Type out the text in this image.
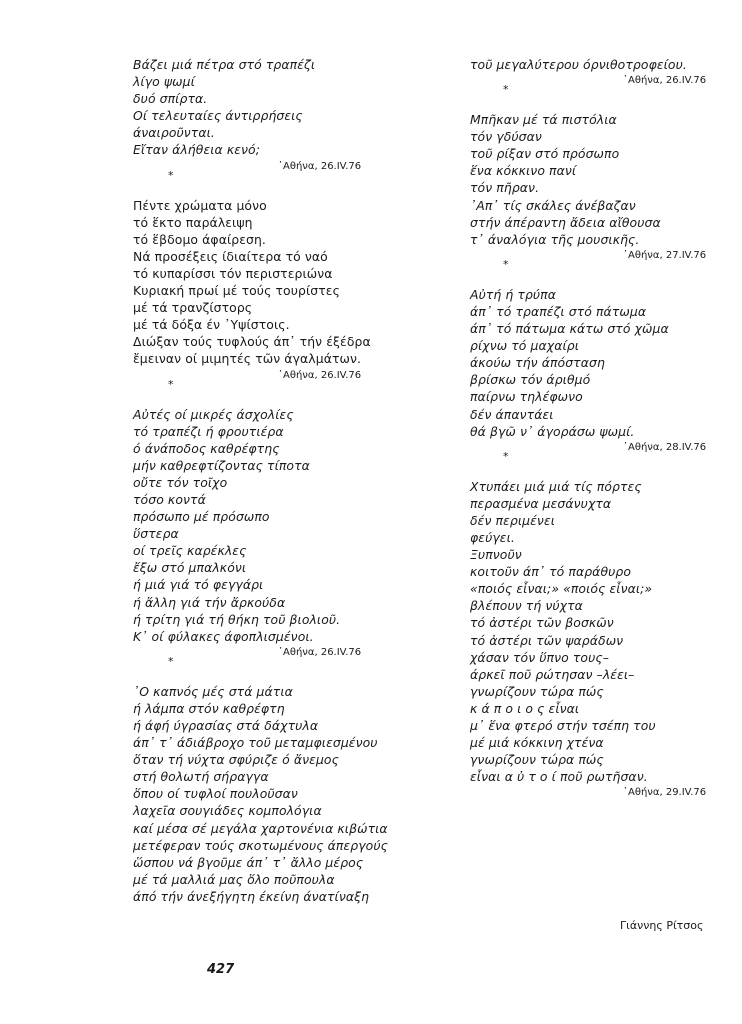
Βάζει μιά πέτρα στό τραπέζι
λίγο ψωμί
δυό σπίρτα.
Οί τελευταίες άντιρρήσεις
άναιροῦνται.
Εἴταν άλήθεια κενό;
᾽Αθήνα, 26.IV.76
*
Πέντε χρώματα μόνο
τό ἕκτο παράλειψη
τό ἕβδομο άφαίρεση.
Νά προσέξεις ίδιαίτερα τό ναό
τό κυπαρίσσι τόν περιστεριώνα
Κυριακή πρωί μέ τούς τουρίστες
μέ τά τρανζίστορς
μέ τά δόξα έν ᾽Υψίστοις.
Διώξαν τούς τυφλούς άπ᾽ τήν έξέδρα
ἔμειναν οί μιμητές τῶν άγαλμάτων.
᾽Αθήνα, 26.IV.76
*
Αὐτές οί μικρές άσχολίες
τό τραπέζι ή φρουτιέρα
ό άνάποδος καθρέφτης
μήν καθρεφτίζοντας τίποτα
οὔτε τόν τοῖχο
τόσο κοντά
πρόσωπο μέ πρόσωπο
ὕστερα
οί τρεῖς καρέκλες
ἔξω στό μπαλκόνι
ή μιά γιά τό φεγγάρι
ή ἄλλη γιά τήν ἄρκούδα
ή τρίτη γιά τή θήκη τοῦ βιολιοῦ.
Κ᾽ οί φύλακες άφοπλισμένοι.
᾽Αθήνα, 26.IV.76
*
᾽Ο καπνός μές στά μάτια
ή λάμπα στόν καθρέφτη
ή άφή ύγρασίας στά δάχτυλα
άπ᾽ τ᾽ άδιάβροχο τοῦ μεταμφιεσμένου
ὅταν τή νύχτα σφύριζε ό ἄνεμος
στή θολωτή σήραγγα
ὅπου οί τυφλοί πουλοῦσαν
λαχεῖα σουγιάδες κομπολόγια
καί μέσα σέ μεγάλα χαρτονένια κιβώτια
μετέφεραν τούς σκοτωμένους άπεργούς
ὥσπου νά βγοῦμε άπ᾽ τ᾽ ἄλλο μέρος
μέ τά μαλλιά μας ὅλο ποῦπουλα
άπό τήν άνεξήγητη έκείνη άνατίναξη
τοῦ μεγαλύτερου όρνιθοτροφείου.
᾽Αθήνα, 26.IV.76
*
Μπῆκαν μέ τά πιστόλια
τόν γδύσαν
τοῦ ρίξαν στό πρόσωπο
ἕνα κόκκινο πανί
τόν πῆραν.
᾽Απ᾽ τίς σκάλες άνέβαζαν
στήν άπέραντη ἄδεια αἴθουσα
τ᾽ άναλόγια τῆς μουσικῆς.
᾽Αθήνα, 27.IV.76
*
Αὐτή ή τρύπα
άπ᾽ τό τραπέζι στό πάτωμα
άπ᾽ τό πάτωμα κάτω στό χῶμα
ρίχνω τό μαχαίρι
άκούω τήν άπόσταση
βρίσκω τόν άριθμό
παίρνω τηλέφωνο
δέν άπαντάει
θά βγῶ ν᾽ άγοράσω ψωμί.
᾽Αθήνα, 28.IV.76
*
Χτυπάει μιά μιά τίς πόρτες
περασμένα μεσάνυχτα
δέν περιμένει
φεύγει.
Ξυπνοῦν
κοιτοῦν άπ᾽ τό παράθυρο
«ποιός εἶναι;» «ποιός εἶναι;»
βλέπουν τή νύχτα
τό ἀστέρι τῶν βοσκῶν
τό ἀστέρι τῶν ψαράδων
χάσαν τόν ὕπνο τους–
άρκεῖ ποῦ ρώτησαν –λέει–
γνωρίζουν τώρα πώς
κ ά π ο ι ο ς εἶναι
μ᾽ ἕνα φτερό στήν τσέπη του
μέ μιά κόκκινη χτένα
γνωρίζουν τώρα πώς
εἶναι α ὐ τ ο ί ποῦ ρωτῆσαν.
᾽Αθήνα, 29.IV.76
Γιάννης Ρίτσος
427
